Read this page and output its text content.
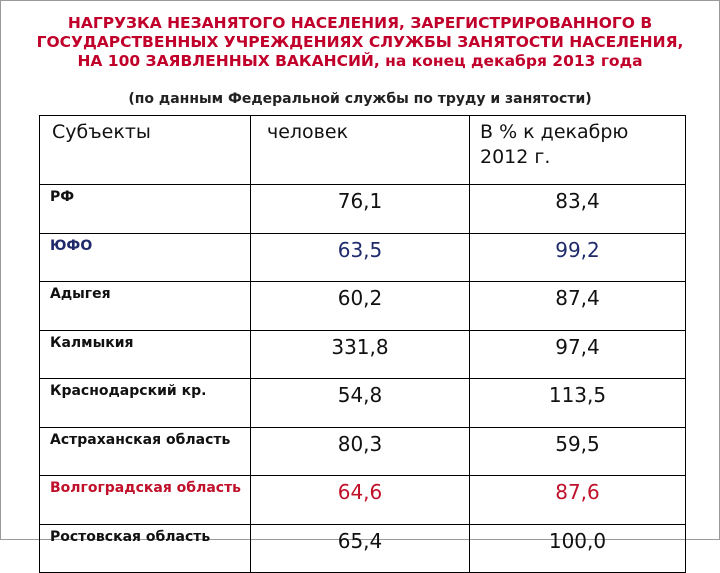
НАГРУЗКА НЕЗАНЯТОГО НАСЕЛЕНИЯ, ЗАРЕГИСТРИРОВАННОГО В
ГОСУДАРСТВЕННЫХ УЧРЕЖДЕНИЯХ СЛУЖБЫ ЗАНЯТОСТИ НАСЕЛЕНИЯ,
НА 100 ЗАЯВЛЕННЫХ ВАКАНСИЙ, на конец декабря 2013 года
(по данным Федеральной службы по труду и занятости)
Субъекты	человек	В % к декабрю
2012 г.

РФ	76,1	83,4
ЮФО	63,5	99,2
Адыгея	60,2	87,4
Калмыкия	331,8	97,4
Краснодарский кр.	54,8	113,5
Астраханская область	80,3	59,5
Волгоградская область	64,6	87,6
Ростовская область	65,4	100,0
